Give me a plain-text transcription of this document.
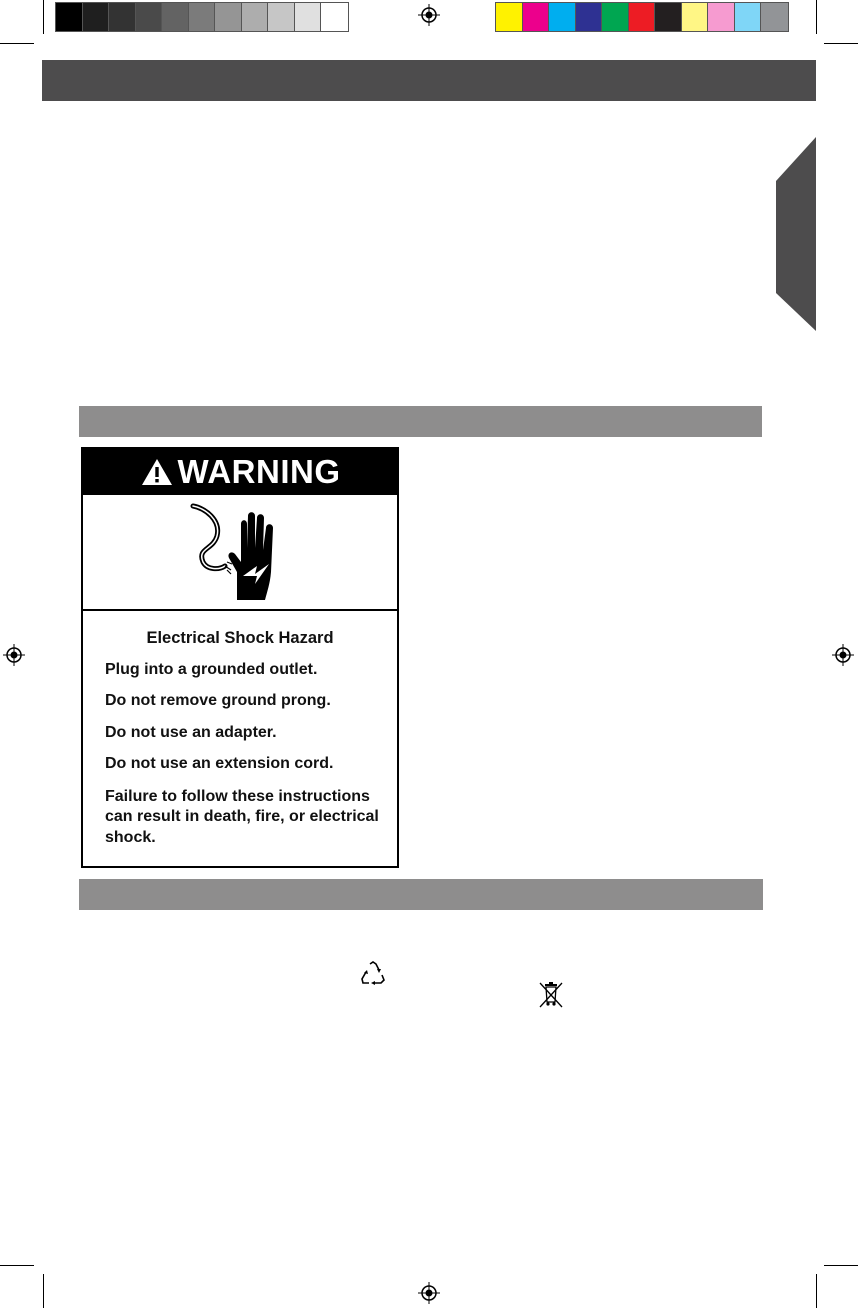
WARNING

Electrical Shock Hazard

Plug into a grounded outlet.

Do not remove ground prong.

Do not use an adapter.

Do not use an extension cord.

Failure to follow these instructions can result in death, fire, or electrical shock.
